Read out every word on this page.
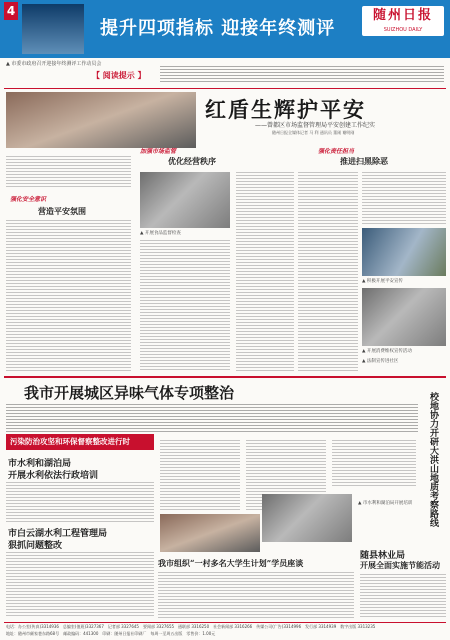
4
提升四项指标 迎接年终测评
随州日报
SUIZHOU DAILY
▲ 市委市政府召开迎接年终测评工作动员会
【 阅读提示 】
红盾生辉护平安
——曾都区市场监督管理局平安创建工作纪实
随州日报全媒体记者 马 利 通讯员 董刚 谢明刚
强化安全意识
营造平安氛围
加强市场监管
优化经营秩序
▲ 开展食品监督检查
强化责任担当
推进扫黑除恶
▲ 积极开展平安宣传
▲ 开展消费维权宣传活动
▲ 法制宣传进社区
我市开展城区异味气体专项整治
污染防治攻坚和环保督察整改进行时
市水利和湖泊局
开展水利依法行政培训
市白云湖水利工程管理局
狠抓问题整改
▲ 市水利和湖泊局开展培训
我市组织“一村多名大学生计划”学员座谈
随县林业局
开展全面实施节能活动
校地协力开研大洪山地质考察路线
电话：办公室(传真)3314936　总编室(值班)3327367　记者部 3327645　要闻部 3327655　通联部 3316250　社会新闻部 3316266　传媒公司(广告)3314996　发行部 3314939　数字出版 3313235
地址：随州市颜家巷东路68号　邮政编码：441300　印刷：随州日报社印刷厂　每周一至周五出版　零售价：1.00元
